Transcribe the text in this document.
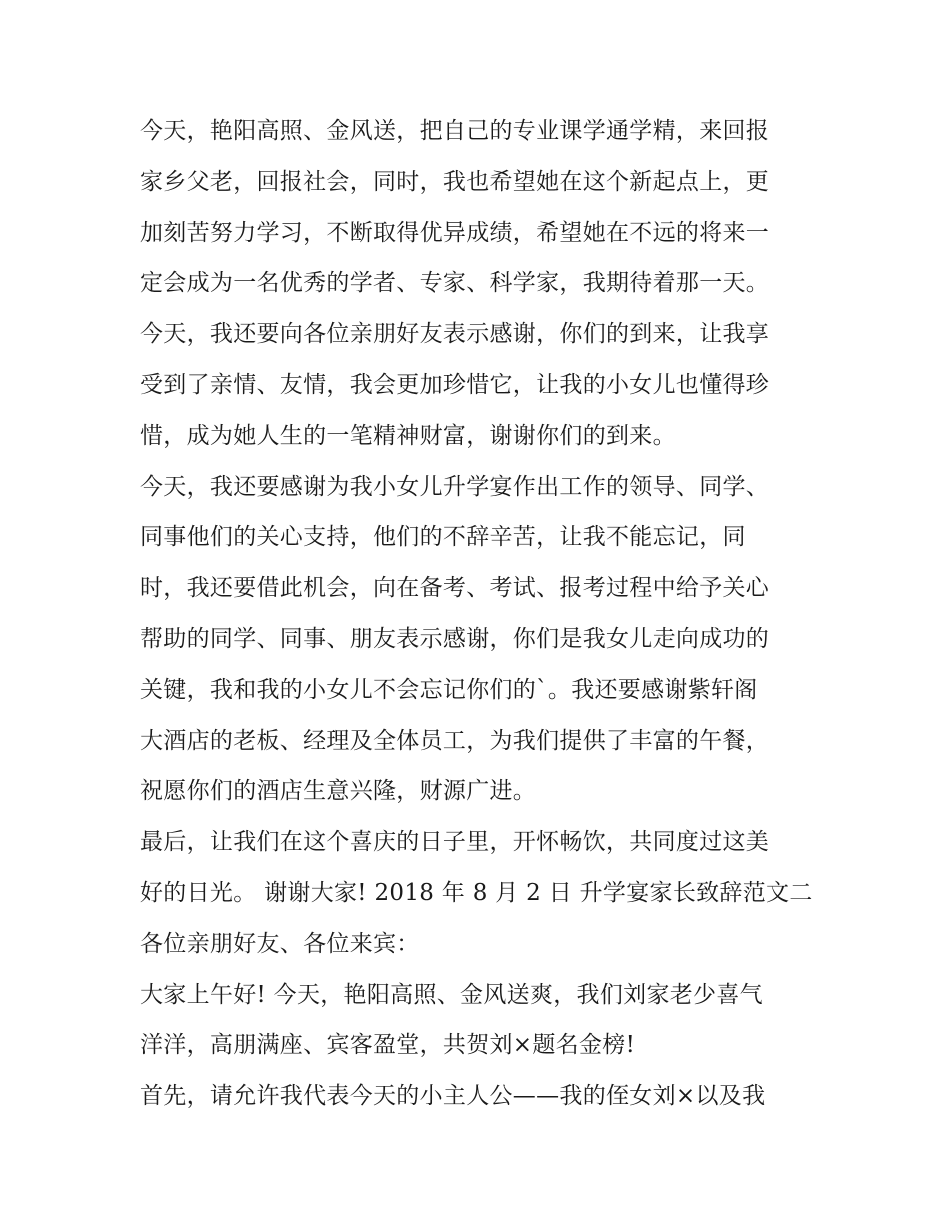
今天，艳阳高照、金风送，把自己的专业课学通学精，来回报
家乡父老，回报社会，同时，我也希望她在这个新起点上，更
加刻苦努力学习，不断取得优异成绩，希望她在不远的将来一
定会成为一名优秀的学者、专家、科学家，我期待着那一天。
今天，我还要向各位亲朋好友表示感谢，你们的到来，让我享
受到了亲情、友情，我会更加珍惜它，让我的小女儿也懂得珍
惜，成为她人生的一笔精神财富，谢谢你们的到来。
今天，我还要感谢为我小女儿升学宴作出工作的领导、同学、
同事他们的关心支持，他们的不辞辛苦，让我不能忘记，同
时，我还要借此机会，向在备考、考试、报考过程中给予关心
帮助的同学、同事、朋友表示感谢，你们是我女儿走向成功的
关键，我和我的小女儿不会忘记你们的`。我还要感谢紫轩阁
大酒店的老板、经理及全体员工，为我们提供了丰富的午餐，
祝愿你们的酒店生意兴隆，财源广进。
最后，让我们在这个喜庆的日子里，开怀畅饮，共同度过这美
好的日光。 谢谢大家! 2018 年 8 月 2 日 升学宴家长致辞范文二
各位亲朋好友、各位来宾：
大家上午好! 今天，艳阳高照、金风送爽，我们刘家老少喜气
洋洋，高朋满座、宾客盈堂，共贺刘×题名金榜!
首先，请允许我代表今天的小主人公——我的侄女刘×以及我
